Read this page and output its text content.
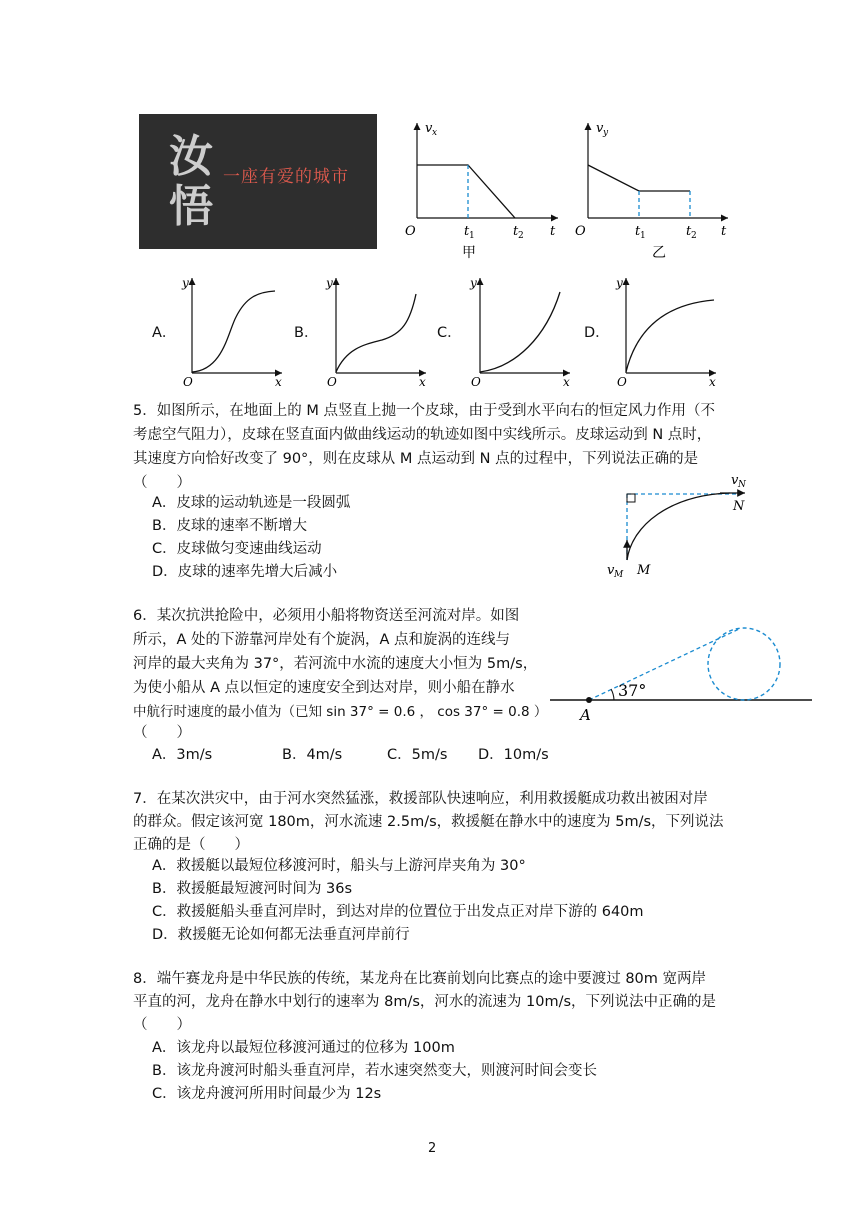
汝悟
一座有爱的城市
v x
O	t 1	t 2 t
甲
v y
O	t 1	t 2 t
乙
A．
y
O	x
B．
y
O	x
C．
y
O	x
D．
y
O	x
5．如图所示，在地面上的 M 点竖直上抛一个皮球，由于受到水平向右的恒定风力作用（不
考虑空气阻力），皮球在竖直面内做曲线运动的轨迹如图中实线所示。皮球运动到 N 点时，
其速度方向恰好改变了 90°，则在皮球从 M 点运动到 N 点的过程中，下列说法正确的是
（　　）
A．皮球的运动轨迹是一段圆弧
B．皮球的速率不断增大
C．皮球做匀变速曲线运动
D．皮球的速率先增大后减小
v N
N
v M M
6．某次抗洪抢险中，必须用小船将物资送至河流对岸。如图
所示，A 处的下游靠河岸处有个旋涡，A 点和旋涡的连线与
河岸的最大夹角为 37°，若河流中水流的速度大小恒为 5m/s，
为使小船从 A 点以恒定的速度安全到达对岸，则小船在静水
中航行时速度的最小值为（已知 sin 37° = 0.6 ， cos 37° = 0.8 ）
（　　）
A．3m/s	B．4m/s	C．5m/s D．10m/s
37°
A
7．在某次洪灾中，由于河水突然猛涨，救援部队快速响应，利用救援艇成功救出被困对岸
的群众。假定该河宽 180m，河水流速 2.5m/s，救援艇在静水中的速度为 5m/s，下列说法
正确的是（　　）
A．救援艇以最短位移渡河时，船头与上游河岸夹角为 30°
B．救援艇最短渡河时间为 36s
C．救援艇船头垂直河岸时，到达对岸的位置位于出发点正对岸下游的 640m
D．救援艇无论如何都无法垂直河岸前行
8．端午赛龙舟是中华民族的传统，某龙舟在比赛前划向比赛点的途中要渡过 80m 宽两岸
平直的河，龙舟在静水中划行的速率为 8m/s，河水的流速为 10m/s，下列说法中正确的是
（　　）
A．该龙舟以最短位移渡河通过的位移为 100m
B．该龙舟渡河时船头垂直河岸，若水速突然变大，则渡河时间会变长
C．该龙舟渡河所用时间最少为 12s
2
